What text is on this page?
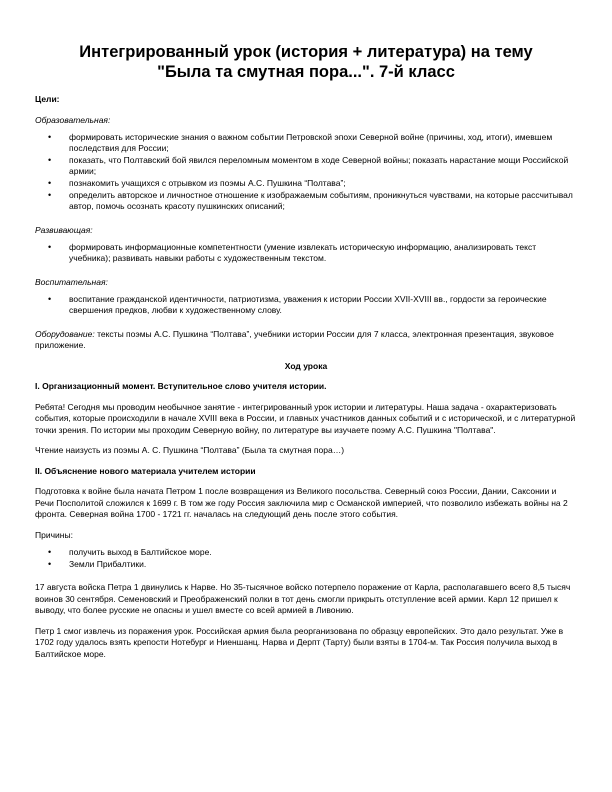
Интегрированный урок (история + литература) на тему
"Была та смутная пора...". 7-й класс
Цели:
Образовательная:
• формировать исторические знания о важном событии Петровской эпохи Северной войне (причины, ход, итоги), имевшем последствия для России;
• показать, что Полтавский бой явился переломным моментом в ходе Северной войны; показать нарастание мощи Российской армии;
• познакомить учащихся с отрывком из поэмы А.С. Пушкина “Полтава”;
• определить авторское и личностное отношение к изображаемым событиям, проникнуться чувствами, на которые рассчитывал автор, помочь осознать красоту пушкинских описаний;
Развивающая:
• формировать информационные компетентности (умение извлекать историческую информацию, анализировать текст учебника); развивать навыки работы с художественным текстом.
Воспитательная:
• воспитание гражданской идентичности, патриотизма, уважения к истории России XVII-XVIII вв., гордости за героические свершения предков, любви к художественному слову.
Оборудование: тексты поэмы А.С. Пушкина “Полтава”, учебники истории России для 7 класса, электронная презентация, звуковое приложение.
Ход урока
I. Организационный момент. Вступительное слово учителя истории.
Ребята! Сегодня мы проводим необычное занятие - интегрированный урок истории и литературы. Наша задача - охарактеризовать события, которые происходили в начале XVIII века в России, и главных участников данных событий и с исторической, и с литературной точки зрения. По истории мы проходим Северную войну, по литературе вы изучаете поэму А.С. Пушкина "Полтава".
Чтение наизусть из поэмы А. С. Пушкина “Полтава” (Была та смутная пора…)
II. Объяснение нового материала учителем истории
Подготовка к войне была начата Петром 1 после возвращения из Великого посольства. Северный союз России, Дании, Саксонии и Речи Посполитой сложился к 1699 г. В том же году Россия заключила мир с Османской империей, что позволило избежать войны на 2 фронта. Северная война 1700 - 1721 гг. началась на следующий день после этого события.
Причины:
• получить выход в Балтийское море.
• Земли Прибалтики.
17 августа войска Петра 1 двинулись к Нарве. Но 35-тысячное войско потерпело поражение от Карла, располагавшего всего 8,5 тысяч воинов 30 сентября. Семеновский и Преображенский полки в тот день смогли прикрыть отступление всей армии. Карл 12 пришел к выводу, что более русские не опасны и ушел вместе со всей армией в Ливонию.
Петр 1 смог извлечь из поражения урок. Российская армия была реорганизована по образцу европейских. Это дало результат. Уже в 1702 году удалось взять крепости Нотебург и Ниеншанц. Нарва и Дерпт (Тарту) были взяты в 1704-м. Так Россия получила выход в Балтийское море.
